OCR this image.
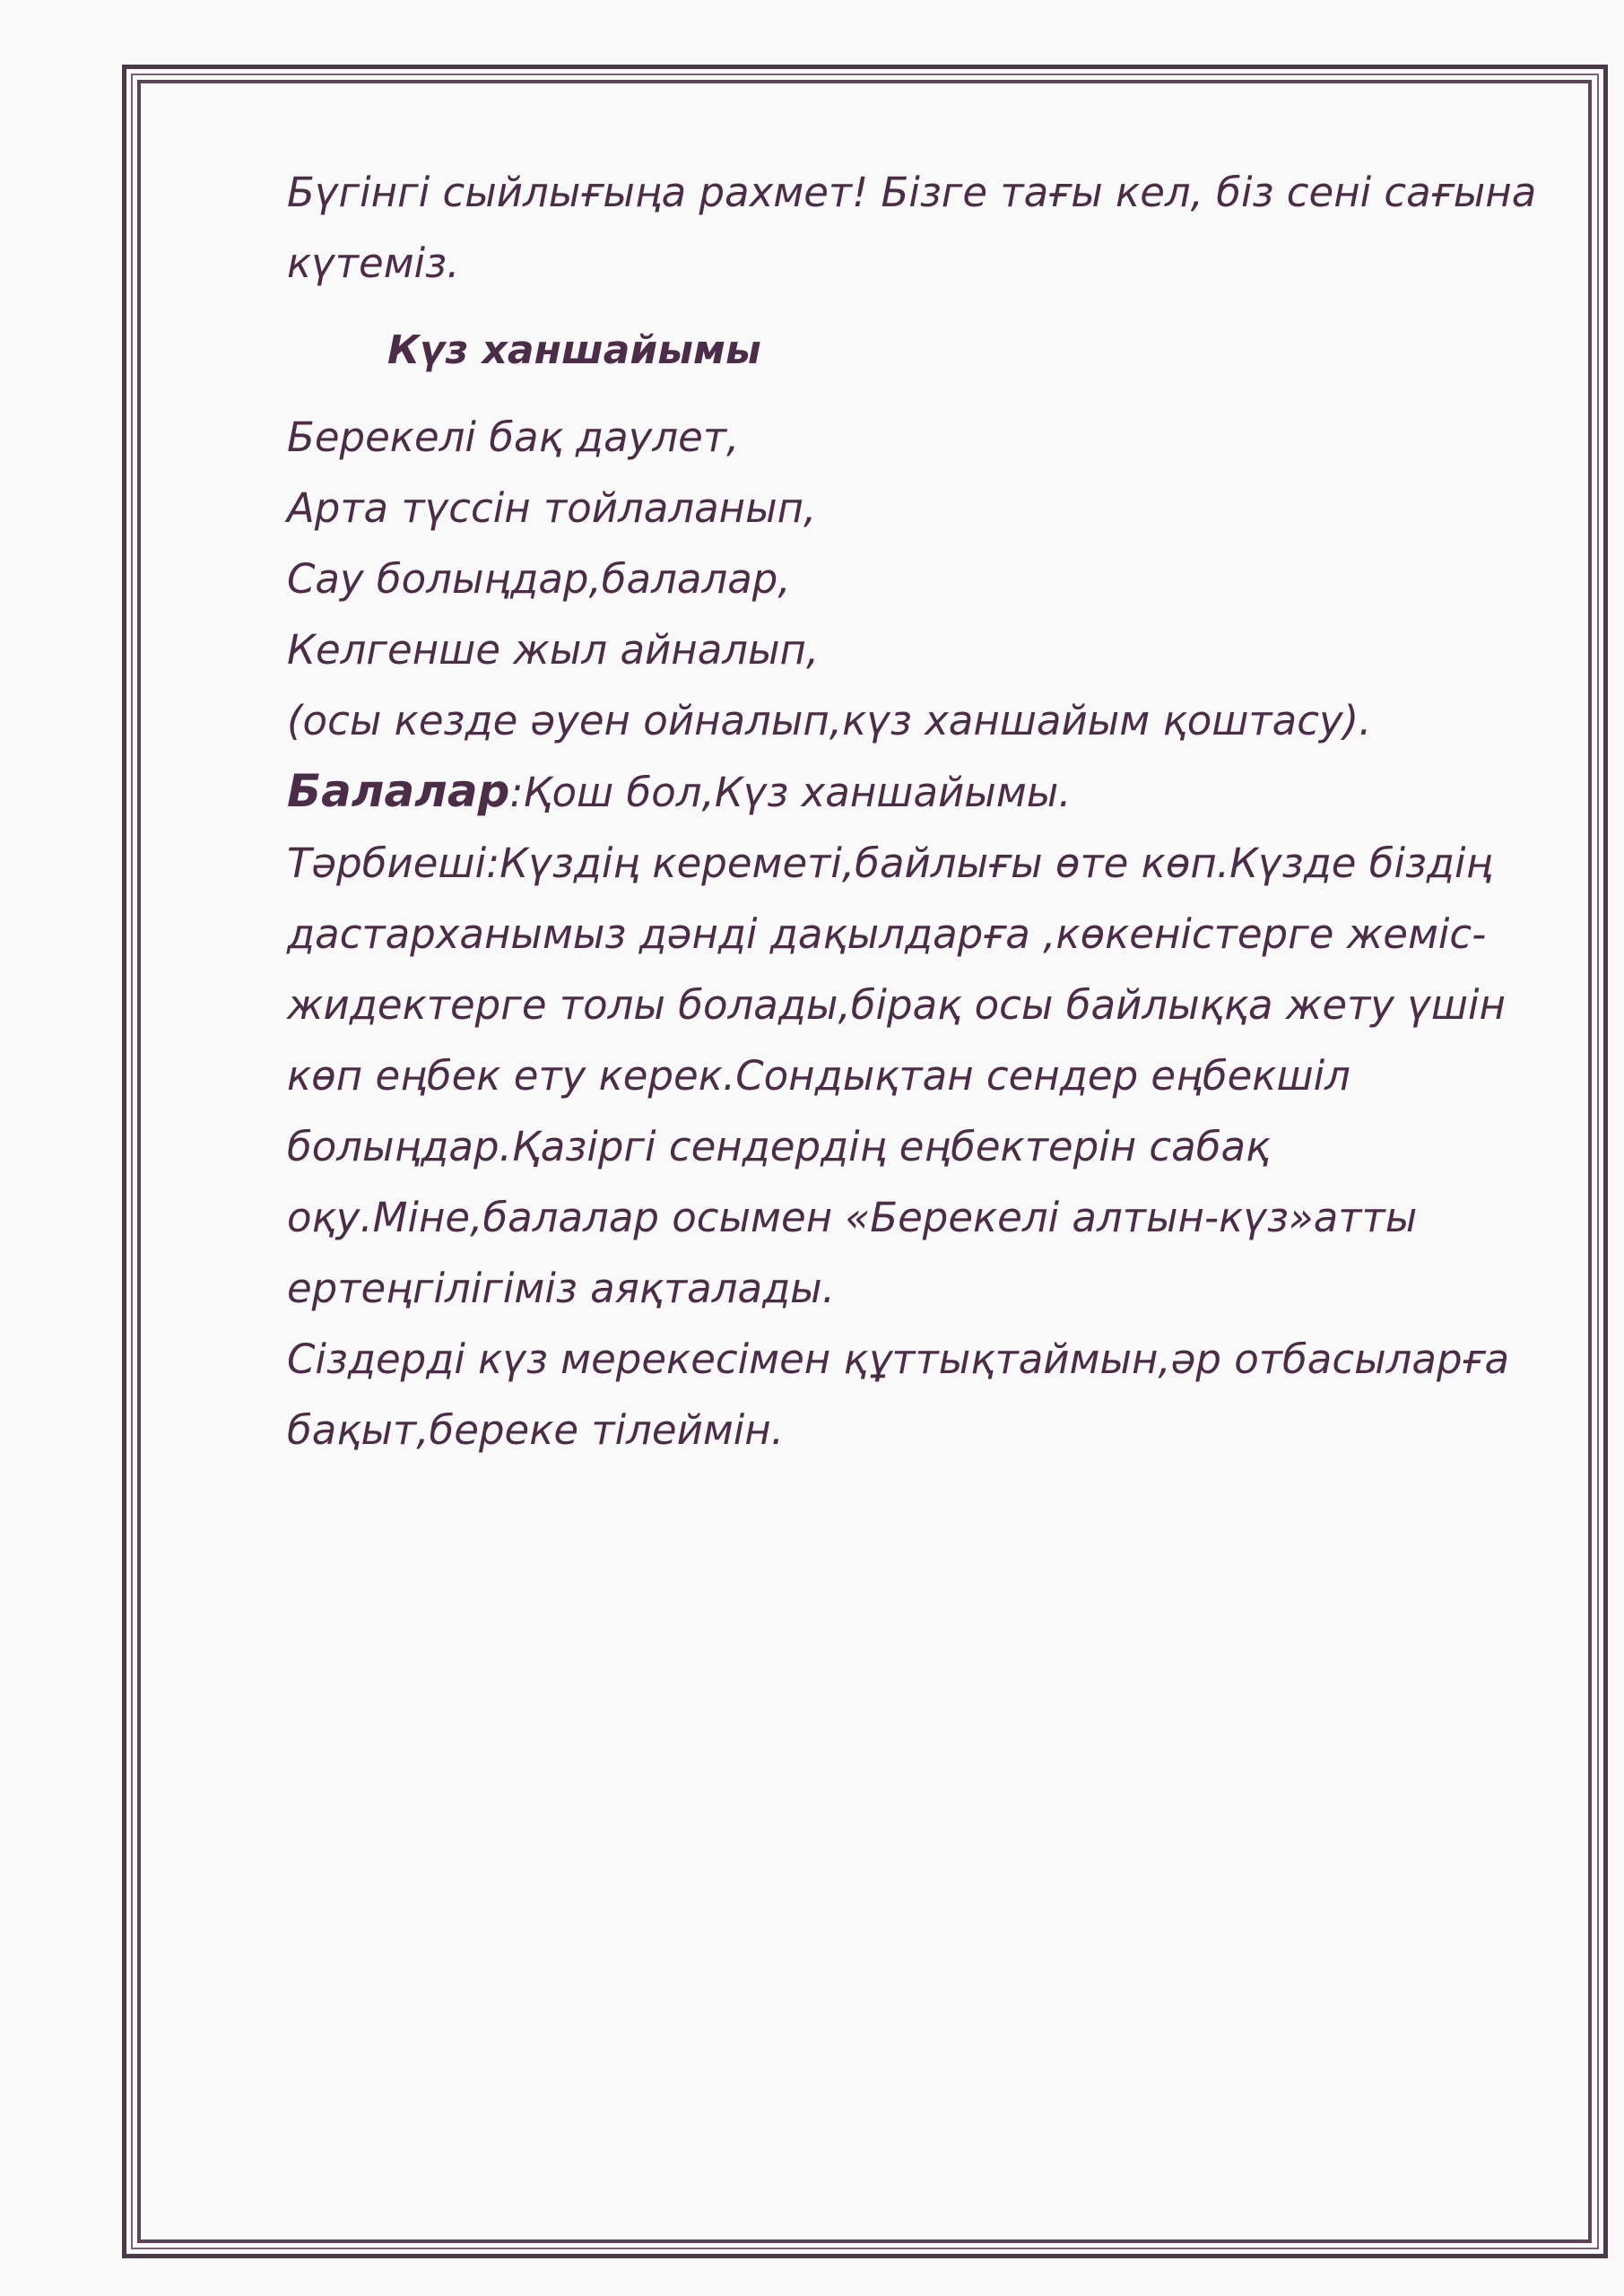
Бүгінгі сыйлығыңа рахмет! Бізге тағы кел, біз сені сағына
күтеміз.
Күз ханшайымы
Берекелі бақ даулет,
Арта түссін тойлаланып,
Сау болыңдар,балалар,
Келгенше жыл айналып,
(осы кезде әуен ойналып,күз ханшайым қоштасу).
Балалар:Қош бол,Күз ханшайымы.
Тәрбиеші:Күздің кереметі,байлығы өте көп.Күзде біздің
дастарханымыз дәнді дақылдарға ,көкеністерге жеміс-
жидектерге толы болады,бірақ осы байлыққа жету үшін
көп еңбек ету керек.Сондықтан сендер еңбекшіл
болыңдар.Қазіргі сендердің еңбектерін сабақ
оқу.Міне,балалар осымен «Берекелі алтын-күз»атты
ертеңгілігіміз аяқталады.
Сіздерді күз мерекесімен құттықтаймын,әр отбасыларға
бақыт,береке тілеймін.
